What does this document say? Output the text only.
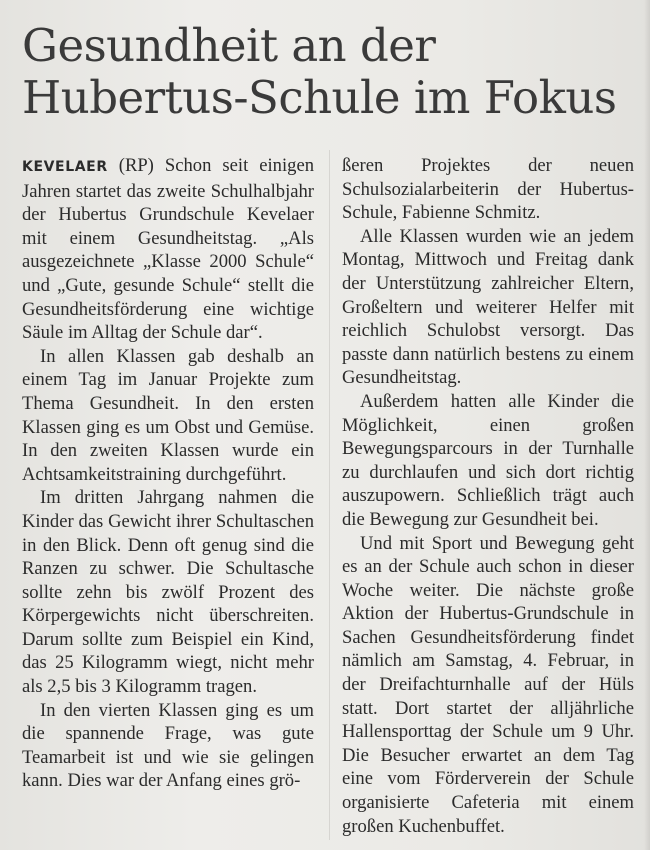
Gesundheit an der
Hubertus-Schule im Fokus

KEVELAER (RP) Schon seit einigen Jahren startet das zweite Schulhalbjahr der Hubertus Grundschule Kevelaer mit einem Gesundheitstag. „Als ausgezeichnete „Klasse 2000 Schule“ und „Gute, gesunde Schule“ stellt die Gesundheitsförderung eine wichtige Säule im Alltag der Schule dar“.

In allen Klassen gab deshalb an einem Tag im Januar Projekte zum Thema Gesundheit. In den ersten Klassen ging es um Obst und Gemüse. In den zweiten Klassen wurde ein Achtsamkeitstraining durchgeführt.

Im dritten Jahrgang nahmen die Kinder das Gewicht ihrer Schultaschen in den Blick. Denn oft genug sind die Ranzen zu schwer. Die Schultasche sollte zehn bis zwölf Prozent des Körpergewichts nicht überschreiten. Darum sollte zum Beispiel ein Kind, das 25 Kilogramm wiegt, nicht mehr als 2,5 bis 3 Kilogramm tragen.

In den vierten Klassen ging es um die spannende Frage, was gute Teamarbeit ist und wie sie gelingen kann. Dies war der Anfang eines grö-

ßeren Projektes der neuen Schulsozialarbeiterin der Hubertus-Schule, Fabienne Schmitz.

Alle Klassen wurden wie an jedem Montag, Mittwoch und Freitag dank der Unterstützung zahlreicher Eltern, Großeltern und weiterer Helfer mit reichlich Schulobst versorgt. Das passte dann natürlich bestens zu einem Gesundheitstag.

Außerdem hatten alle Kinder die Möglichkeit, einen großen Bewegungsparcours in der Turnhalle zu durchlaufen und sich dort richtig auszupowern. Schließlich trägt auch die Bewegung zur Gesundheit bei.

Und mit Sport und Bewegung geht es an der Schule auch schon in dieser Woche weiter. Die nächste große Aktion der Hubertus-Grundschule in Sachen Gesundheitsförderung findet nämlich am Samstag, 4. Februar, in der Dreifachturnhalle auf der Hüls statt. Dort startet der alljährliche Hallensporttag der Schule um 9 Uhr. Die Besucher erwartet an dem Tag eine vom Förderverein der Schule organisierte Cafeteria mit einem großen Kuchenbuffet.
